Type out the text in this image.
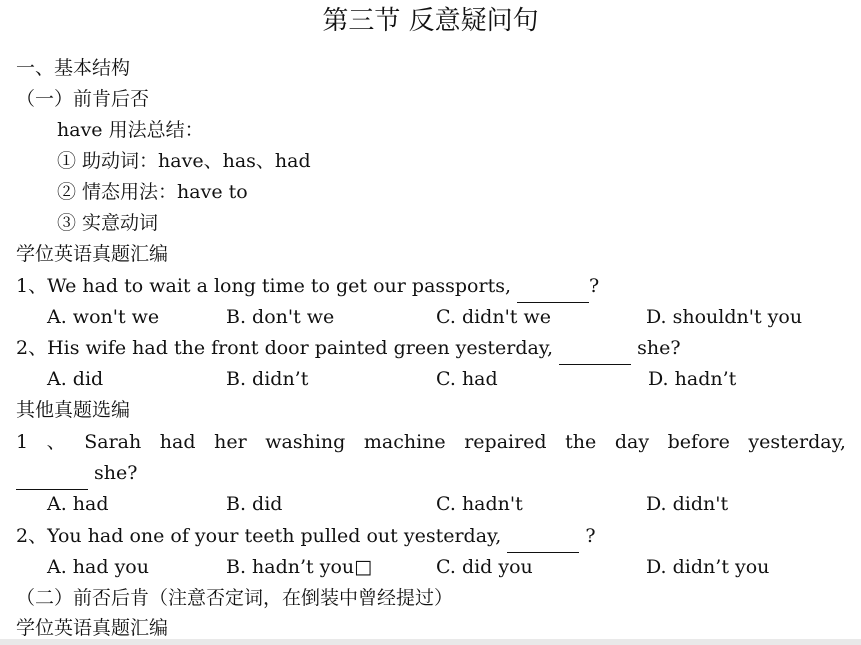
第三节 反意疑问句
一、基本结构
（一）前肯后否
have 用法总结：
① 助动词：have、has、had
② 情态用法：have to
③ 实意动词
学位英语真题汇编
1、We had to wait a long time to get our passports,	?
A. won't we	B. don't we	C. didn't we	D. shouldn't you
2、His wife had the front door painted green yesterday,	she?
A. did	B. didn’t	C. had	D. hadn’t
其他真题选编
1 、 Sarah had her washing machine repaired the day before yesterday,
she?
A. had	B. did	C. hadn't	D. didn't
2、You had one of your teeth pulled out yesterday,	?
A. had you	B. hadn’t you□	C. did you	D. didn’t you
（二）前否后肯（注意否定词，在倒装中曾经提过）
学位英语真题汇编
